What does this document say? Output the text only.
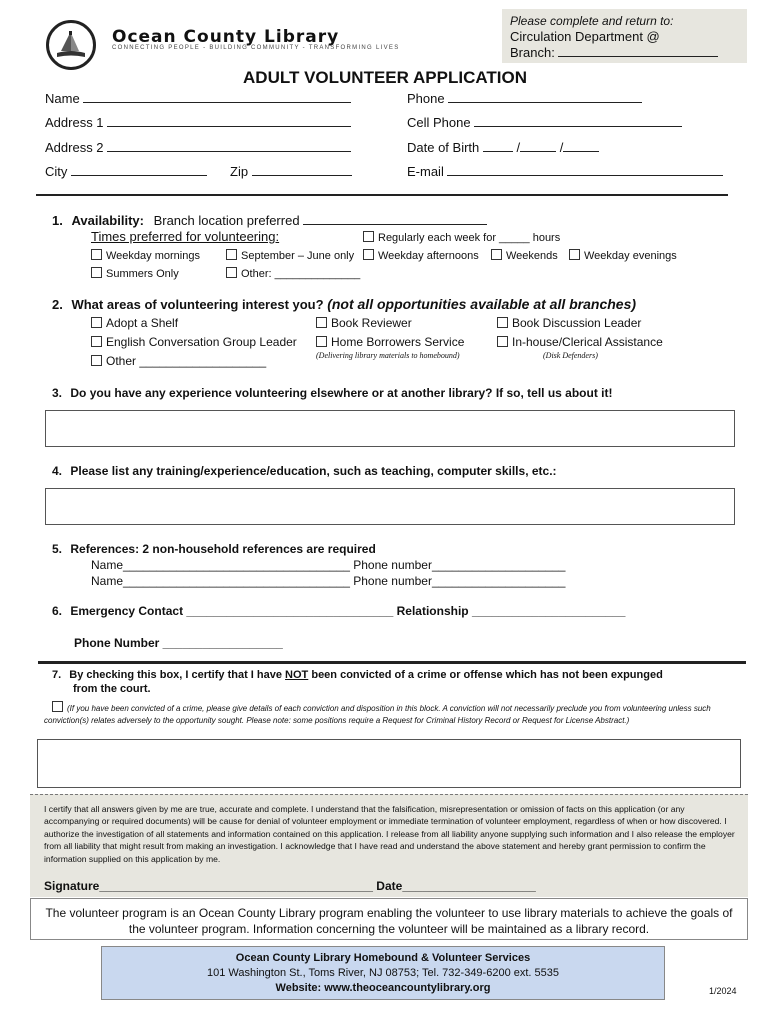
Ocean County Library
CONNECTING PEOPLE - BUILDING COMMUNITY - TRANSFORMING LIVES
Please complete and return to:
Circulation Department @
Branch:
ADULT VOLUNTEER APPLICATION
Name	Phone
Address 1	Cell Phone
Address 2	Date of Birth	/	/
City	Zip	E-mail
1. Availability: Branch location preferred
Times preferred for volunteering:	Regularly each week for _____ hours
Weekday mornings	September – June only	Weekday afternoons	Weekends	Weekday evenings
Summers Only	Other: ______________
2. What areas of volunteering interest you? (not all opportunities available at all branches)
Adopt a Shelf	Book Reviewer	Book Discussion Leader
English Conversation Group Leader	Home Borrowers Service	In-house/Clerical Assistance
Other ___________________	(Delivering library materials to homebound)	(Disk Defenders)
3. Do you have any experience volunteering elsewhere or at another library? If so, tell us about it!
4. Please list any training/experience/education, such as teaching, computer skills, etc.:
5. References: 2 non-household references are required
Name__________________________________ Phone number____________________
Name__________________________________ Phone number____________________
6. Emergency Contact _______________________________ Relationship _______________________
Phone Number __________________
7. By checking this box, I certify that I have NOT been convicted of a crime or offense which has not been expunged
from the court.
(If you have been convicted of a crime, please give details of each conviction and disposition in this block. A conviction will not necessarily preclude you from volunteering unless such conviction(s) relates adversely to the opportunity sought. Please note: some positions require a Request for Criminal History Record or Request for License Abstract.)
I certify that all answers given by me are true, accurate and complete. I understand that the falsification, misrepresentation or omission of facts on this application (or any accompanying or required documents) will be cause for denial of volunteer employment or immediate termination of volunteer employment, regardless of when or how discovered. I authorize the investigation of all statements and information contained on this application. I release from all liability anyone supplying such information and I also release the employer from all liability that might result from making an investigation. I acknowledge that I have read and understand the above statement and hereby grant permission to confirm the information supplied on this application by me.
Signature_________________________________________ Date____________________
The volunteer program is an Ocean County Library program enabling the volunteer to use library materials to achieve the goals of the volunteer program. Information concerning the volunteer will be maintained as a library record.
Ocean County Library Homebound & Volunteer Services
101 Washington St., Toms River, NJ 08753; Tel. 732-349-6200 ext. 5535
Website: www.theoceancountylibrary.org	1/2024
